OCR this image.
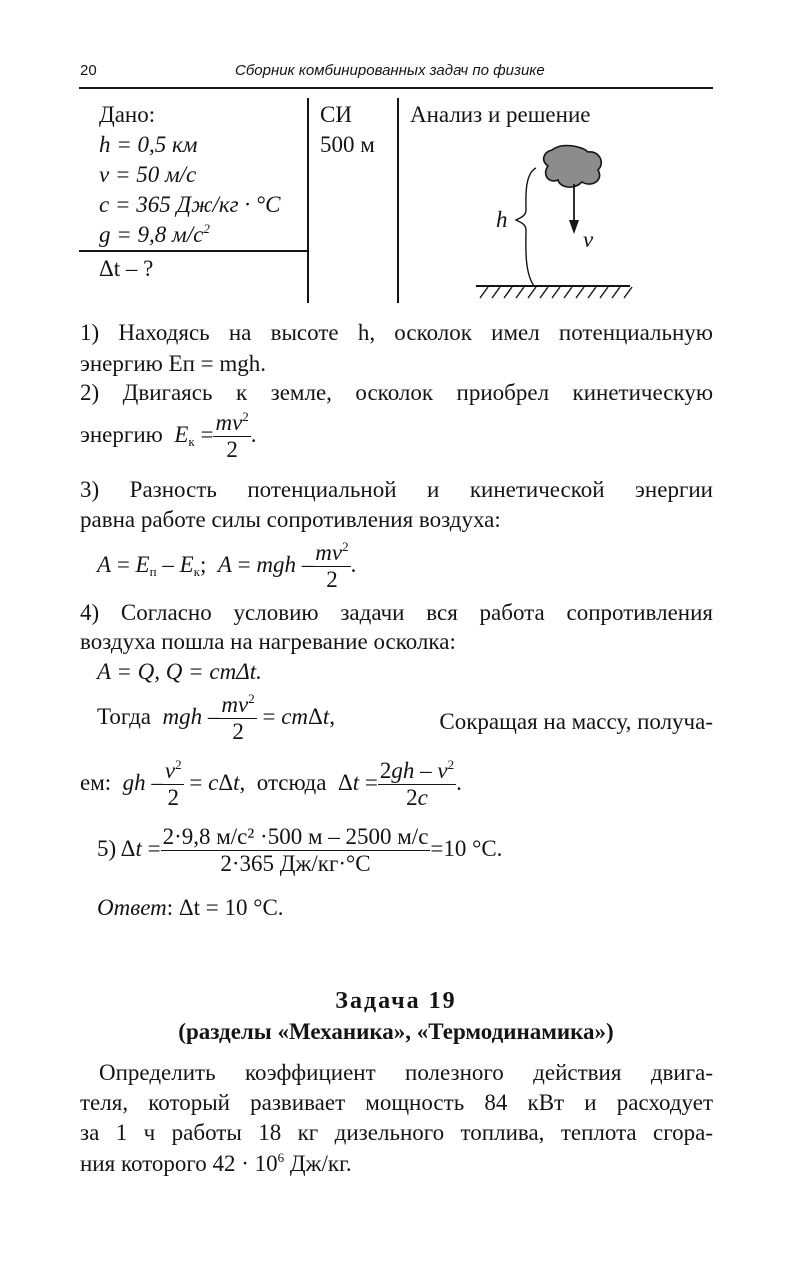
20	Сборник комбинированных задач по физике
Дано:
h = 0,5 км
v = 50 м/с
c = 365 Дж/кг · °С
g = 9,8 $м/с^2$
Δt – ?
СИ
500 м
Анализ и решение
h
v
1) Находясь на высоте h, осколок имел потенциальную
энергию Eп = mgh.
2) Двигаясь к земле, осколок приобрел кинетическую
энергию $E_к = \frac{mv^2}{2}$ .
3) Разность потенциальной и кинетической энергии
равна работе силы сопротивления воздуха:
$A = E_п - E_к$;  A = mgh – $\frac{mv^2}{2}$ .
4) Согласно условию задачи вся работа сопротивления
воздуха пошла на нагревание осколка:
A = Q, Q = cmΔt.
Тогда mgh – $\frac{mv^2}{2} = cm\Delta t$,	Сокращая на массу, получа-
ем: gh – $\frac{v^2}{2} = c\Delta t$,  отсюда  $\Delta t = \frac{2gh - v^2}{2c}$ .
5) $\Delta t = \frac{\text{2·9,8 м/с² ·500 м – 2500 м/с}}{2\cdot 365 Дж/кг\cdot^\circ С} =10$ °С.
Ответ: Δt = 10 °С.
Задача 19
(разделы «Механика», «Термодинамика»)
Определить коэффициент полезного действия двига-
теля, который развивает мощность 84 кВт и расходует
за 1 ч работы 18 кг дизельного топлива, теплота сгора-
ния которого $42 \cdot 10^6$ Дж/кг.
